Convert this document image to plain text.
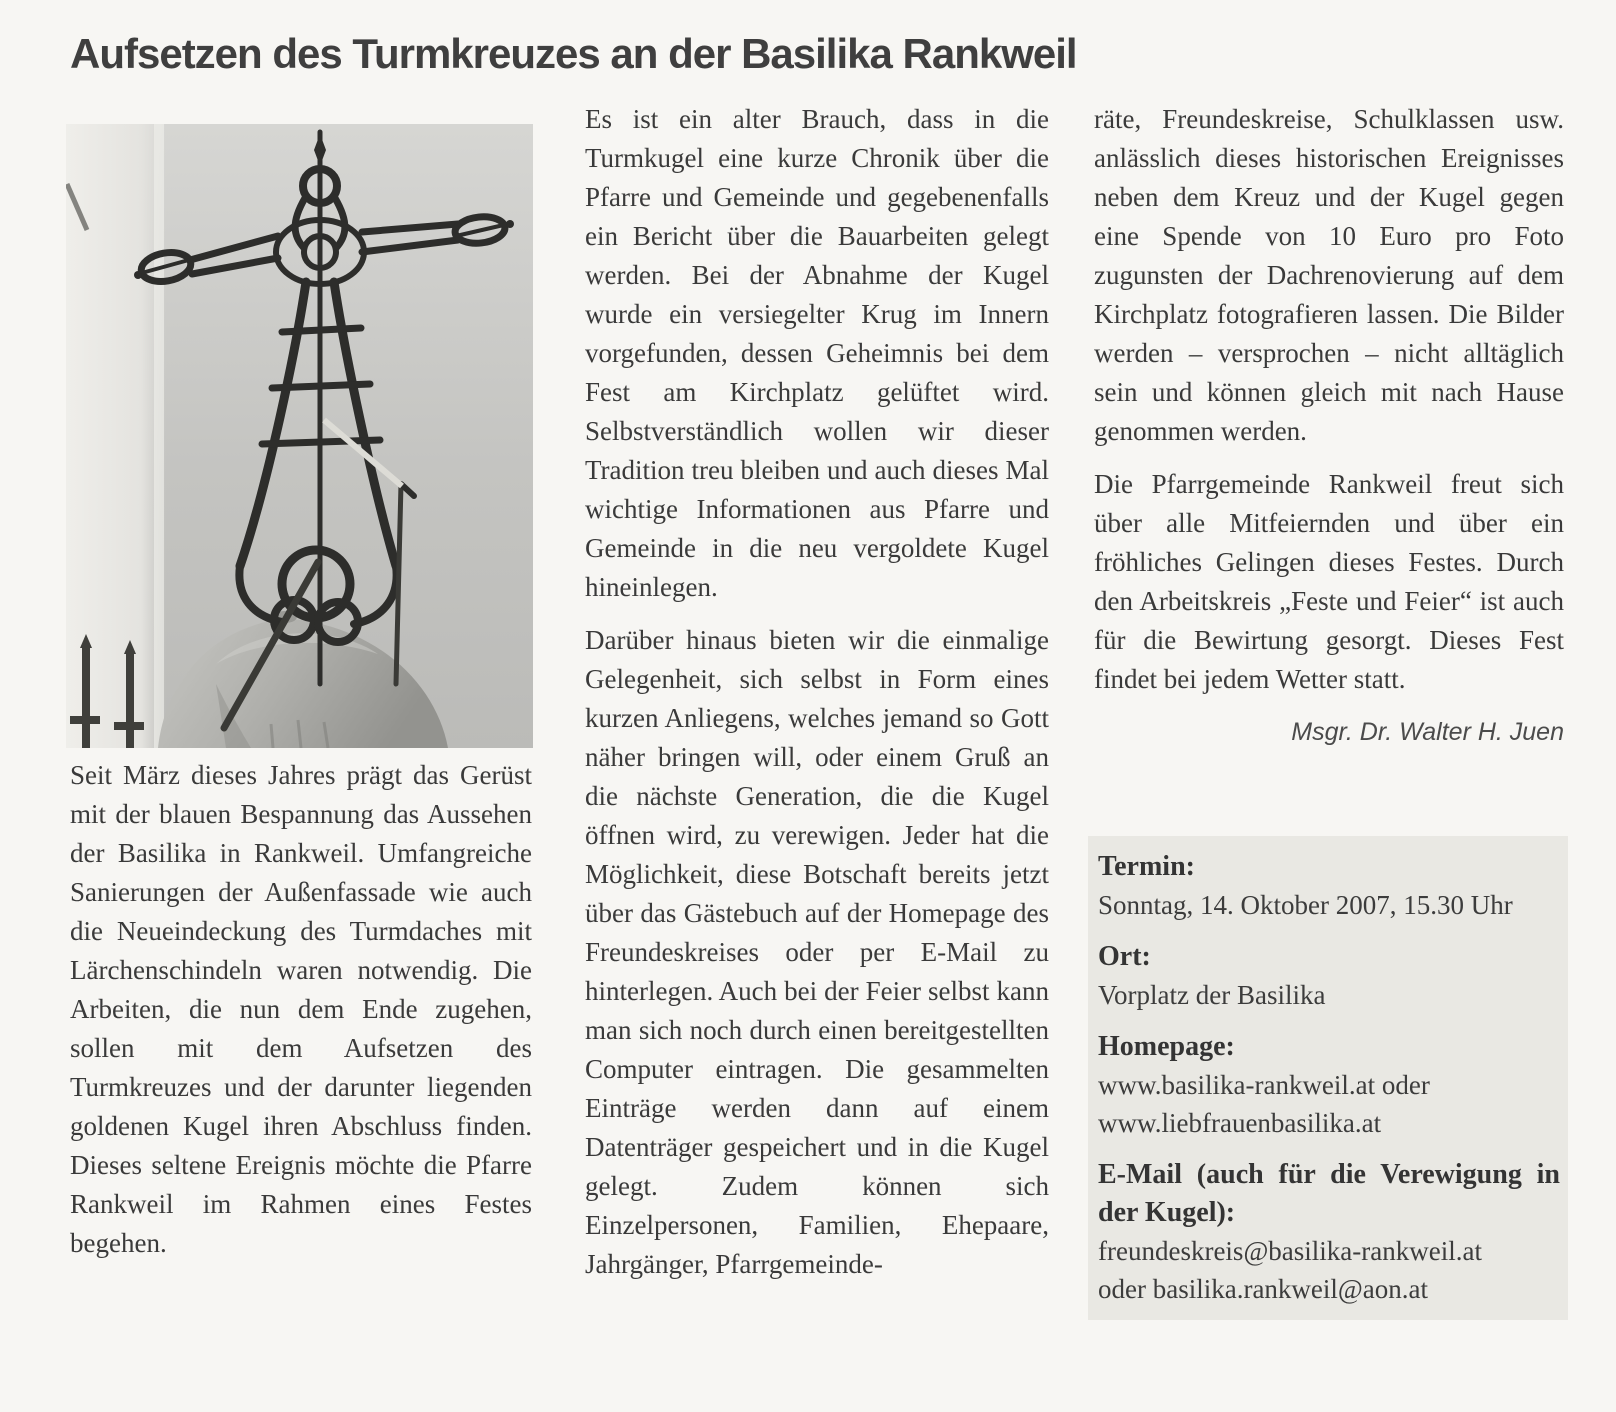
Aufsetzen des Turmkreuzes an der Basilika Rankweil

Seit März dieses Jahres prägt das Gerüst mit der blauen Bespannung das Aussehen der Basilika in Rankweil. Umfangreiche Sanierungen der Außenfassade wie auch die Neueindeckung des Turmdaches mit Lärchenschindeln waren notwendig. Die Arbeiten, die nun dem Ende zugehen, sollen mit dem Aufsetzen des Turmkreuzes und der darunter liegenden goldenen Kugel ihren Abschluss finden. Dieses seltene Ereignis möchte die Pfarre Rankweil im Rahmen eines Festes begehen.

Es ist ein alter Brauch, dass in die Turmkugel eine kurze Chronik über die Pfarre und Gemeinde und gegebenenfalls ein Bericht über die Bauarbeiten gelegt werden. Bei der Abnahme der Kugel wurde ein versiegelter Krug im Innern vorgefunden, dessen Geheimnis bei dem Fest am Kirchplatz gelüftet wird. Selbstverständlich wollen wir dieser Tradition treu bleiben und auch dieses Mal wichtige Informationen aus Pfarre und Gemeinde in die neu vergoldete Kugel hineinlegen.

Darüber hinaus bieten wir die einmalige Gelegenheit, sich selbst in Form eines kurzen Anliegens, welches jemand so Gott näher bringen will, oder einem Gruß an die nächste Generation, die die Kugel öffnen wird, zu verewigen. Jeder hat die Möglichkeit, diese Botschaft bereits jetzt über das Gästebuch auf der Homepage des Freundeskreises oder per E-Mail zu hinterlegen. Auch bei der Feier selbst kann man sich noch durch einen bereitgestellten Computer eintragen. Die gesammelten Einträge werden dann auf einem Datenträger gespeichert und in die Kugel gelegt. Zudem können sich Einzelpersonen, Familien, Ehepaare, Jahrgänger, Pfarrgemeinde-

räte, Freundeskreise, Schulklassen usw. anlässlich dieses historischen Ereignisses neben dem Kreuz und der Kugel gegen eine Spende von 10 Euro pro Foto zugunsten der Dachrenovierung auf dem Kirchplatz fotografieren lassen. Die Bilder werden – versprochen – nicht alltäglich sein und können gleich mit nach Hause genommen werden.

Die Pfarrgemeinde Rankweil freut sich über alle Mitfeiernden und über ein fröhliches Gelingen dieses Festes. Durch den Arbeitskreis „Feste und Feier“ ist auch für die Bewirtung gesorgt. Dieses Fest findet bei jedem Wetter statt.

Msgr. Dr. Walter H. Juen
Termin:
Sonntag, 14. Oktober 2007, 15.30 Uhr
Ort:
Vorplatz der Basilika
Homepage:
www.basilika-rankweil.at oder
www.liebfrauenbasilika.at
E-Mail (auch für die Verewigung in der Kugel):
freundeskreis@basilika-rankweil.at
oder basilika.rankweil@aon.at
